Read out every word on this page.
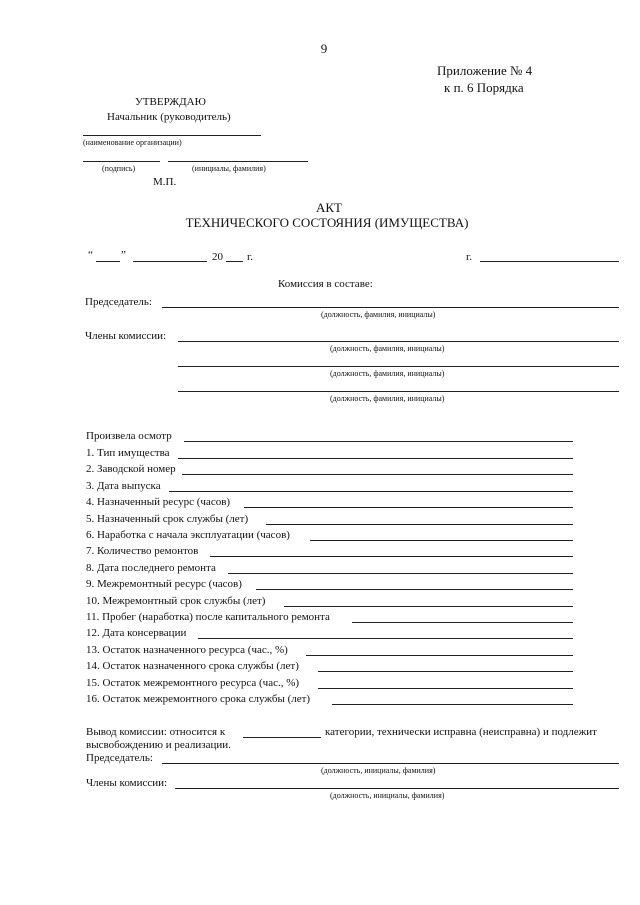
9
Приложение № 4
к п. 6 Порядка
УТВЕРЖДАЮ
Начальник (руководитель)
(наименование организации)
(подпись)	(инициалы, фамилия)
М.П.
АКТ
ТЕХНИЧЕСКОГО СОСТОЯНИЯ (ИМУЩЕСТВА)
“	”	20 г.	г.
Комиссия в составе:
Председатель:
(должность, фамилия, инициалы)
Члены комиссии:
(должность, фамилия, инициалы)
(должность, фамилия, инициалы)
(должность, фамилия, инициалы)
Произвела осмотр
1. Тип имущества
2. Заводской номер
3. Дата выпуска
4. Назначенный ресурс (часов)
5. Назначенный срок службы (лет)
6. Наработка с начала эксплуатации (часов)
7. Количество ремонтов
8. Дата последнего ремонта
9. Межремонтный ресурс (часов)
10. Межремонтный срок службы (лет)
11. Пробег (наработка) после капитального ремонта
12. Дата консервации
13. Остаток назначенного ресурса (час., %)
14. Остаток назначенного срока службы (лет)
15. Остаток межремонтного ресурса (час., %)
16. Остаток межремонтного срока службы (лет)
Вывод комиссии: относится к	категории, технически исправна (неисправна) и подлежит
высвобождению и реализации.
Председатель:
(должность, инициалы, фамилия)
Члены комиссии:
(должность, инициалы, фамилия)
